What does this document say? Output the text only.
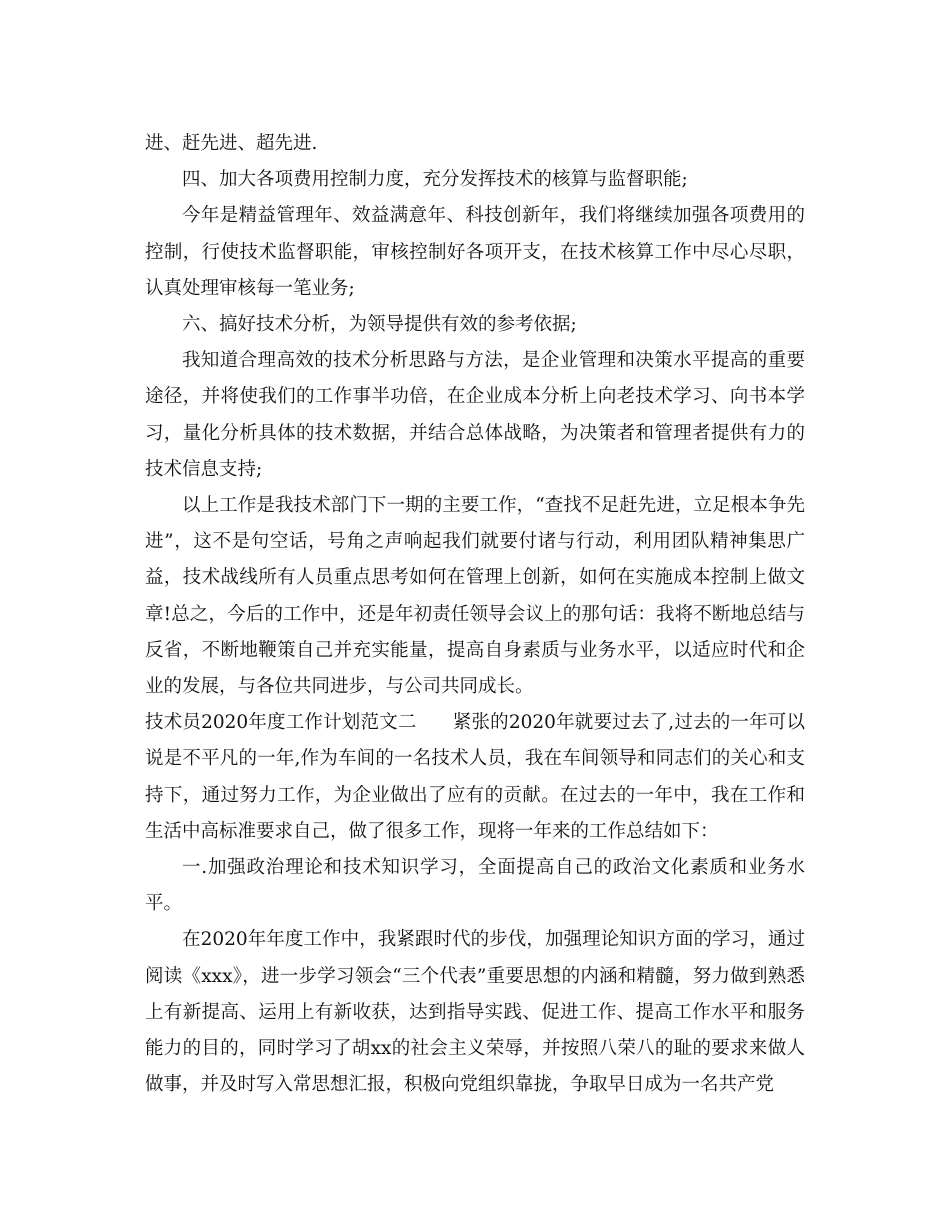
进、赶先进、超先进.

四、加大各项费用控制力度，充分发挥技术的核算与监督职能;

今年是精益管理年、效益满意年、科技创新年，我们将继续加强各项费用的控制，行使技术监督职能，审核控制好各项开支，在技术核算工作中尽心尽职，认真处理审核每一笔业务;

六、搞好技术分析，为领导提供有效的参考依据;

我知道合理高效的技术分析思路与方法，是企业管理和决策水平提高的重要途径，并将使我们的工作事半功倍，在企业成本分析上向老技术学习、向书本学习，量化分析具体的技术数据，并结合总体战略，为决策者和管理者提供有力的技术信息支持;

以上工作是我技术部门下一期的主要工作，“查找不足赶先进，立足根本争先进”，这不是句空话，号角之声响起我们就要付诸与行动，利用团队精神集思广益，技术战线所有人员重点思考如何在管理上创新，如何在实施成本控制上做文章!总之，今后的工作中，还是年初责任领导会议上的那句话：我将不断地总结与反省，不断地鞭策自己并充实能量，提高自身素质与业务水平，以适应时代和企业的发展，与各位共同进步，与公司共同成长。

技术员2020年度工作计划范文二 紧张的2020年就要过去了,过去的一年可以说是不平凡的一年,作为车间的一名技术人员，我在车间领导和同志们的关心和支持下，通过努力工作，为企业做出了应有的贡献。在过去的一年中，我在工作和生活中高标准要求自己，做了很多工作，现将一年来的工作总结如下：

一.加强政治理论和技术知识学习，全面提高自己的政治文化素质和业务水平。

在2020年年度工作中，我紧跟时代的步伐，加强理论知识方面的学习，通过阅读《xxx》，进一步学习领会“三个代表”重要思想的内涵和精髓，努力做到熟悉上有新提高、运用上有新收获，达到指导实践、促进工作、提高工作水平和服务能力的目的，同时学习了胡xx的社会主义荣辱，并按照八荣八的耻的要求来做人做事，并及时写入常思想汇报，积极向党组织靠拢，争取早日成为一名共产党
